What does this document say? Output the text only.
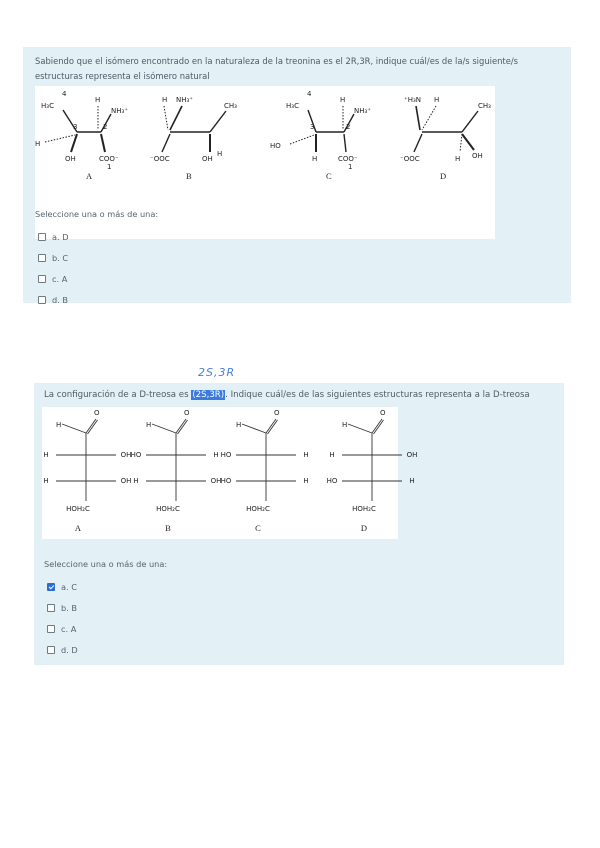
2S,3R
Sabiendo que el isómero encontrado en la naturaleza de la treonina es el 2R,3R, indique cuál/es de la/s siguiente/s estructuras representa el isómero natural
H₃C
4
H
NH₃⁺
H
OH	COO⁻
3	2
1
A
H NH₃⁺
CH₃
⁻OOC	OH
H
B
H₃C
4
H
NH₃⁺
HO
H	COO⁻
3	2
1
C
⁺H₃N H
CH₃
⁻OOC	H OH
D
Seleccione una o más de una:
a. D
b. C
c. A
d. B
La configuración de a D-treosa es (2S,3R). Indique cuál/es de las siguientes estructuras representa a la D-treosa
O
H
H	OH
H	OH
HOH₂C
A
O
H
HO	H
H	OH
HOH₂C
B
O
H
HO	H
HO	H
HOH₂C
C
O
H
H	OH
HO	H
HOH₂C
D
Seleccione una o más de una:
a. C
b. B
c. A
d. D
